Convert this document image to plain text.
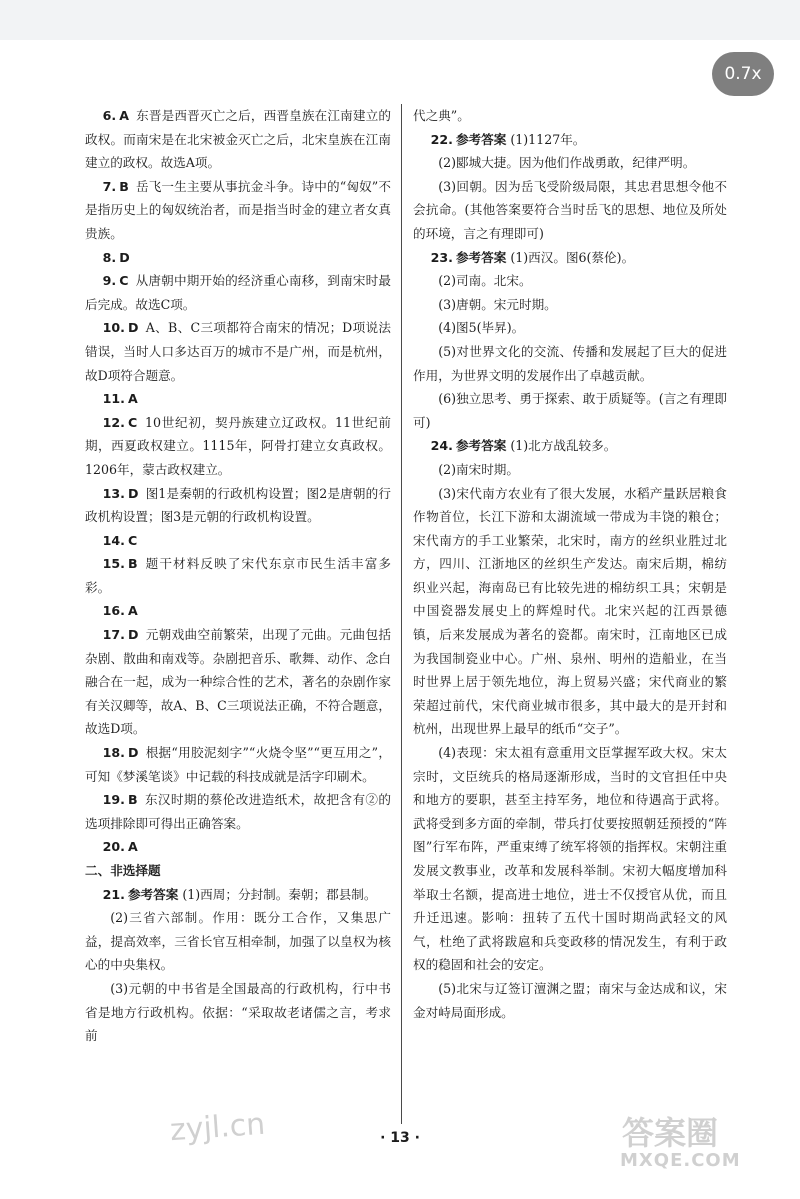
0.7x

6. A 东晋是西晋灭亡之后，西晋皇族在江南建立的政权。而南宋是在北宋被金灭亡之后，北宋皇族在江南建立的政权。故选A项。

7. B 岳飞一生主要从事抗金斗争。诗中的“匈奴”不是指历史上的匈奴统治者，而是指当时金的建立者女真贵族。

8. D

9. C 从唐朝中期开始的经济重心南移，到南宋时最后完成。故选C项。

10. D A、B、C三项都符合南宋的情况；D项说法错误，当时人口多达百万的城市不是广州，而是杭州，故D项符合题意。

11. A

12. C 10世纪初，契丹族建立辽政权。11世纪前期，西夏政权建立。1115年，阿骨打建立女真政权。1206年，蒙古政权建立。

13. D 图1是秦朝的行政机构设置；图2是唐朝的行政机构设置；图3是元朝的行政机构设置。

14. C

15. B 题干材料反映了宋代东京市民生活丰富多彩。

16. A

17. D 元朝戏曲空前繁荣，出现了元曲。元曲包括杂剧、散曲和南戏等。杂剧把音乐、歌舞、动作、念白融合在一起，成为一种综合性的艺术，著名的杂剧作家有关汉卿等，故A、B、C三项说法正确，不符合题意，故选D项。

18. D 根据“用胶泥刻字”“火烧令坚”“更互用之”，可知《梦溪笔谈》中记载的科技成就是活字印刷术。

19. B 东汉时期的蔡伦改进造纸术，故把含有②的选项排除即可得出正确答案。

20. A

二、非选择题

21. 参考答案 (1)西周；分封制。秦朝；郡县制。

(2)三省六部制。作用：既分工合作，又集思广益，提高效率，三省长官互相牵制，加强了以皇权为核心的中央集权。

(3)元朝的中书省是全国最高的行政机构，行中书省是地方行政机构。依据：“采取故老诸儒之言，考求前

代之典”。

22. 参考答案 (1)1127年。

(2)郾城大捷。因为他们作战勇敢，纪律严明。

(3)回朝。因为岳飞受阶级局限，其忠君思想令他不会抗命。(其他答案要符合当时岳飞的思想、地位及所处的环境，言之有理即可)

23. 参考答案 (1)西汉。图6(蔡伦)。

(2)司南。北宋。

(3)唐朝。宋元时期。

(4)图5(毕昇)。

(5)对世界文化的交流、传播和发展起了巨大的促进作用，为世界文明的发展作出了卓越贡献。

(6)独立思考、勇于探索、敢于质疑等。(言之有理即可)

24. 参考答案 (1)北方战乱较多。

(2)南宋时期。

(3)宋代南方农业有了很大发展，水稻产量跃居粮食作物首位，长江下游和太湖流域一带成为丰饶的粮仓；宋代南方的手工业繁荣，北宋时，南方的丝织业胜过北方，四川、江浙地区的丝织生产发达。南宋后期，棉纺织业兴起，海南岛已有比较先进的棉纺织工具；宋朝是中国瓷器发展史上的辉煌时代。北宋兴起的江西景德镇，后来发展成为著名的瓷都。南宋时，江南地区已成为我国制瓷业中心。广州、泉州、明州的造船业，在当时世界上居于领先地位，海上贸易兴盛；宋代商业的繁荣超过前代，宋代商业城市很多，其中最大的是开封和杭州，出现世界上最早的纸币“交子”。

(4)表现：宋太祖有意重用文臣掌握军政大权。宋太宗时，文臣统兵的格局逐渐形成，当时的文官担任中央和地方的要职，甚至主持军务，地位和待遇高于武将。武将受到多方面的牵制，带兵打仗要按照朝廷预授的“阵图”行军布阵，严重束缚了统军将领的指挥权。宋朝注重发展文教事业，改革和发展科举制。宋初大幅度增加科举取士名额，提高进士地位，进士不仅授官从优，而且升迁迅速。影响：扭转了五代十国时期尚武轻文的风气，杜绝了武将跋扈和兵变政移的情况发生，有利于政权的稳固和社会的安定。

(5)北宋与辽签订澶渊之盟；南宋与金达成和议，宋金对峙局面形成。

· 13 ·
zyjl.cn	答案圈
MXQE.COM
